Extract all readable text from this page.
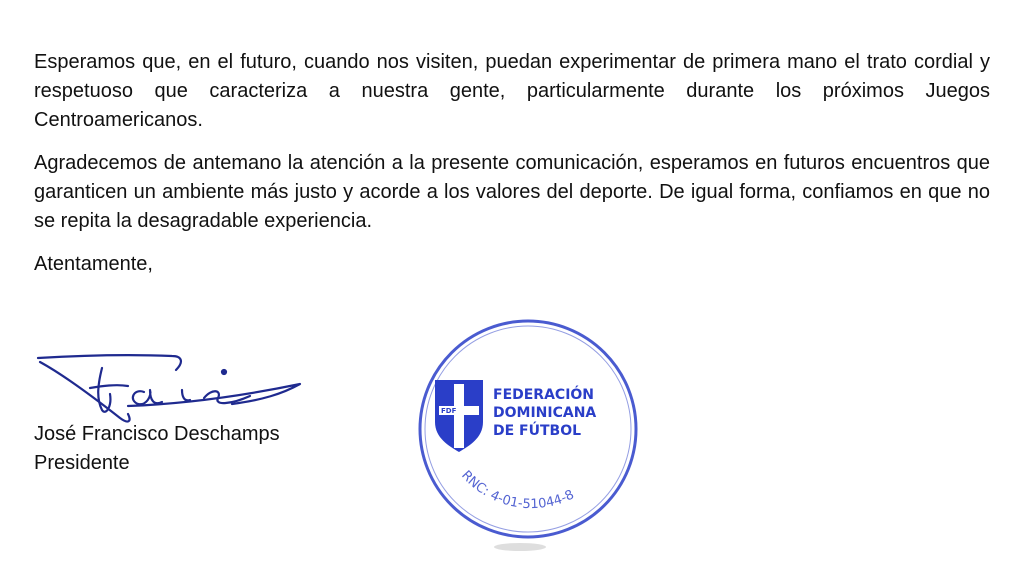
Esperamos que, en el futuro, cuando nos visiten, puedan experimentar de primera mano el trato cordial y respetuoso que caracteriza a nuestra gente, particularmente durante los próximos Juegos Centroamericanos.

Agradecemos de antemano la atención a la presente comunicación, esperamos en futuros encuentros que garanticen un ambiente más justo y acorde a los valores del deporte. De igual forma, confiamos en que no se repita la desagradable experiencia.

Atentamente,

José Francisco Deschamps
Presidente
FDF
FEDERACIÓN
DOMINICANA
DE FÚTBOL
RNC: 4-01-51044-8
